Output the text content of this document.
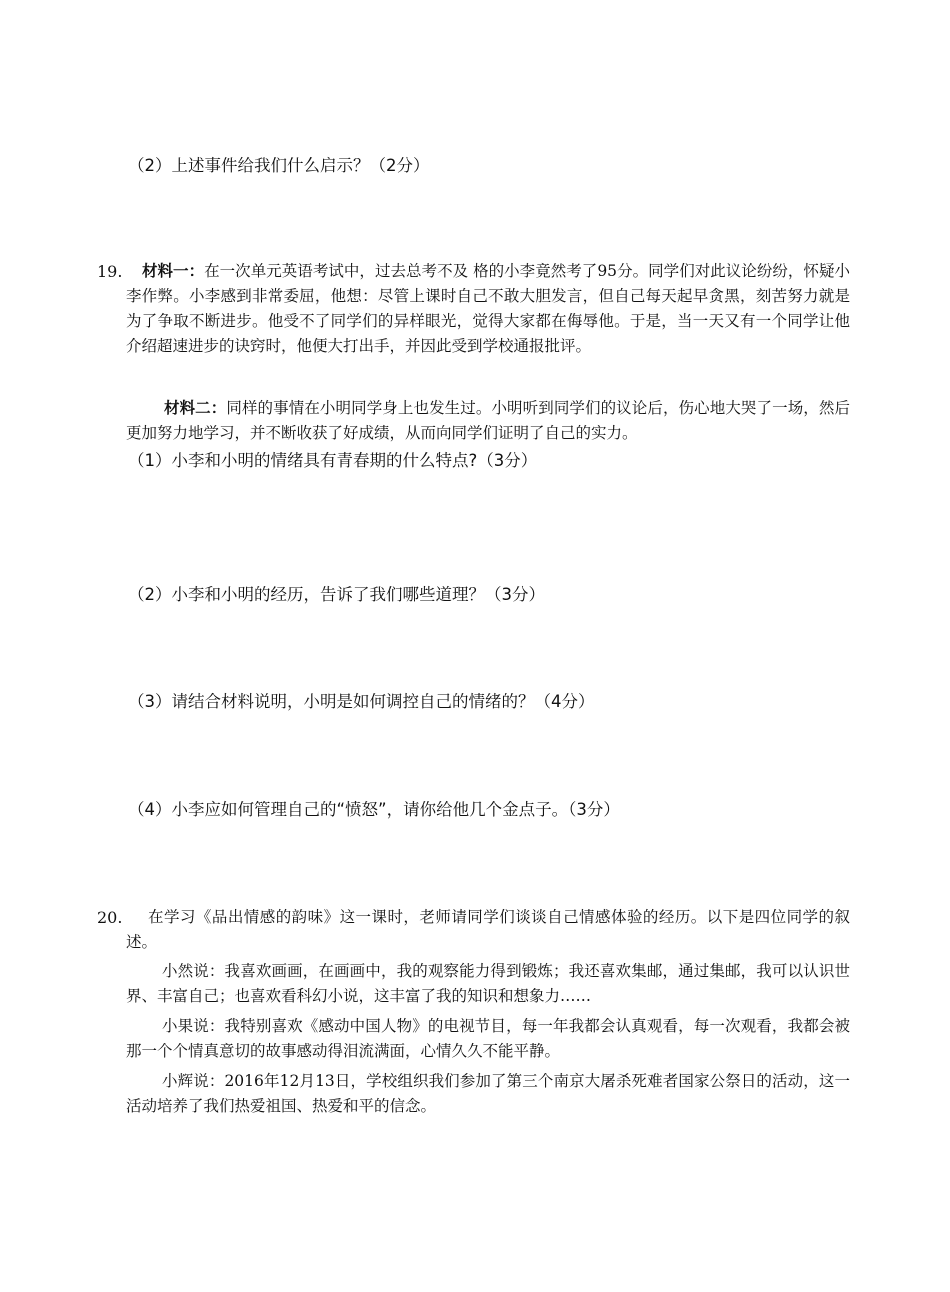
（2）上述事件给我们什么启示？（2分）
19.	材料一：在一次单元英语考试中，过去总考不及 格的小李竟然考了95分。同学们对此议论纷纷，怀疑小李作弊。小李感到非常委屈，他想：尽管上课时自己不敢大胆发言，但自己每天起早贪黑，刻苦努力就是为了争取不断进步。他受不了同学们的异样眼光，觉得大家都在侮辱他。于是，当一天又有一个同学让他介绍超速进步的诀窍时，他便大打出手，并因此受到学校通报批评。
材料二：同样的事情在小明同学身上也发生过。小明听到同学们的议论后，伤心地大哭了一场，然后更加努力地学习，并不断收获了好成绩，从而向同学们证明了自己的实力。
（1）小李和小明的情绪具有青春期的什么特点?（3分）
（2）小李和小明的经历，告诉了我们哪些道理？（3分）
（3）请结合材料说明，小明是如何调控自己的情绪的？（4分）
（4）小李应如何管理自己的“愤怒”，请你给他几个金点子。（3分）
20.	在学习《品出情感的韵味》这一课时，老师请同学们谈谈自己情感体验的经历。以下是四位同学的叙述。
小然说：我喜欢画画，在画画中，我的观察能力得到锻炼；我还喜欢集邮，通过集邮，我可以认识世界、丰富自己；也喜欢看科幻小说，这丰富了我的知识和想象力……
小果说：我特别喜欢《感动中国人物》的电视节目，每一年我都会认真观看，每一次观看，我都会被那一个个情真意切的故事感动得泪流满面，心情久久不能平静。
小辉说：2016年12月13日，学校组织我们参加了第三个南京大屠杀死难者国家公祭日的活动，这一活动培养了我们热爱祖国、热爱和平的信念。
